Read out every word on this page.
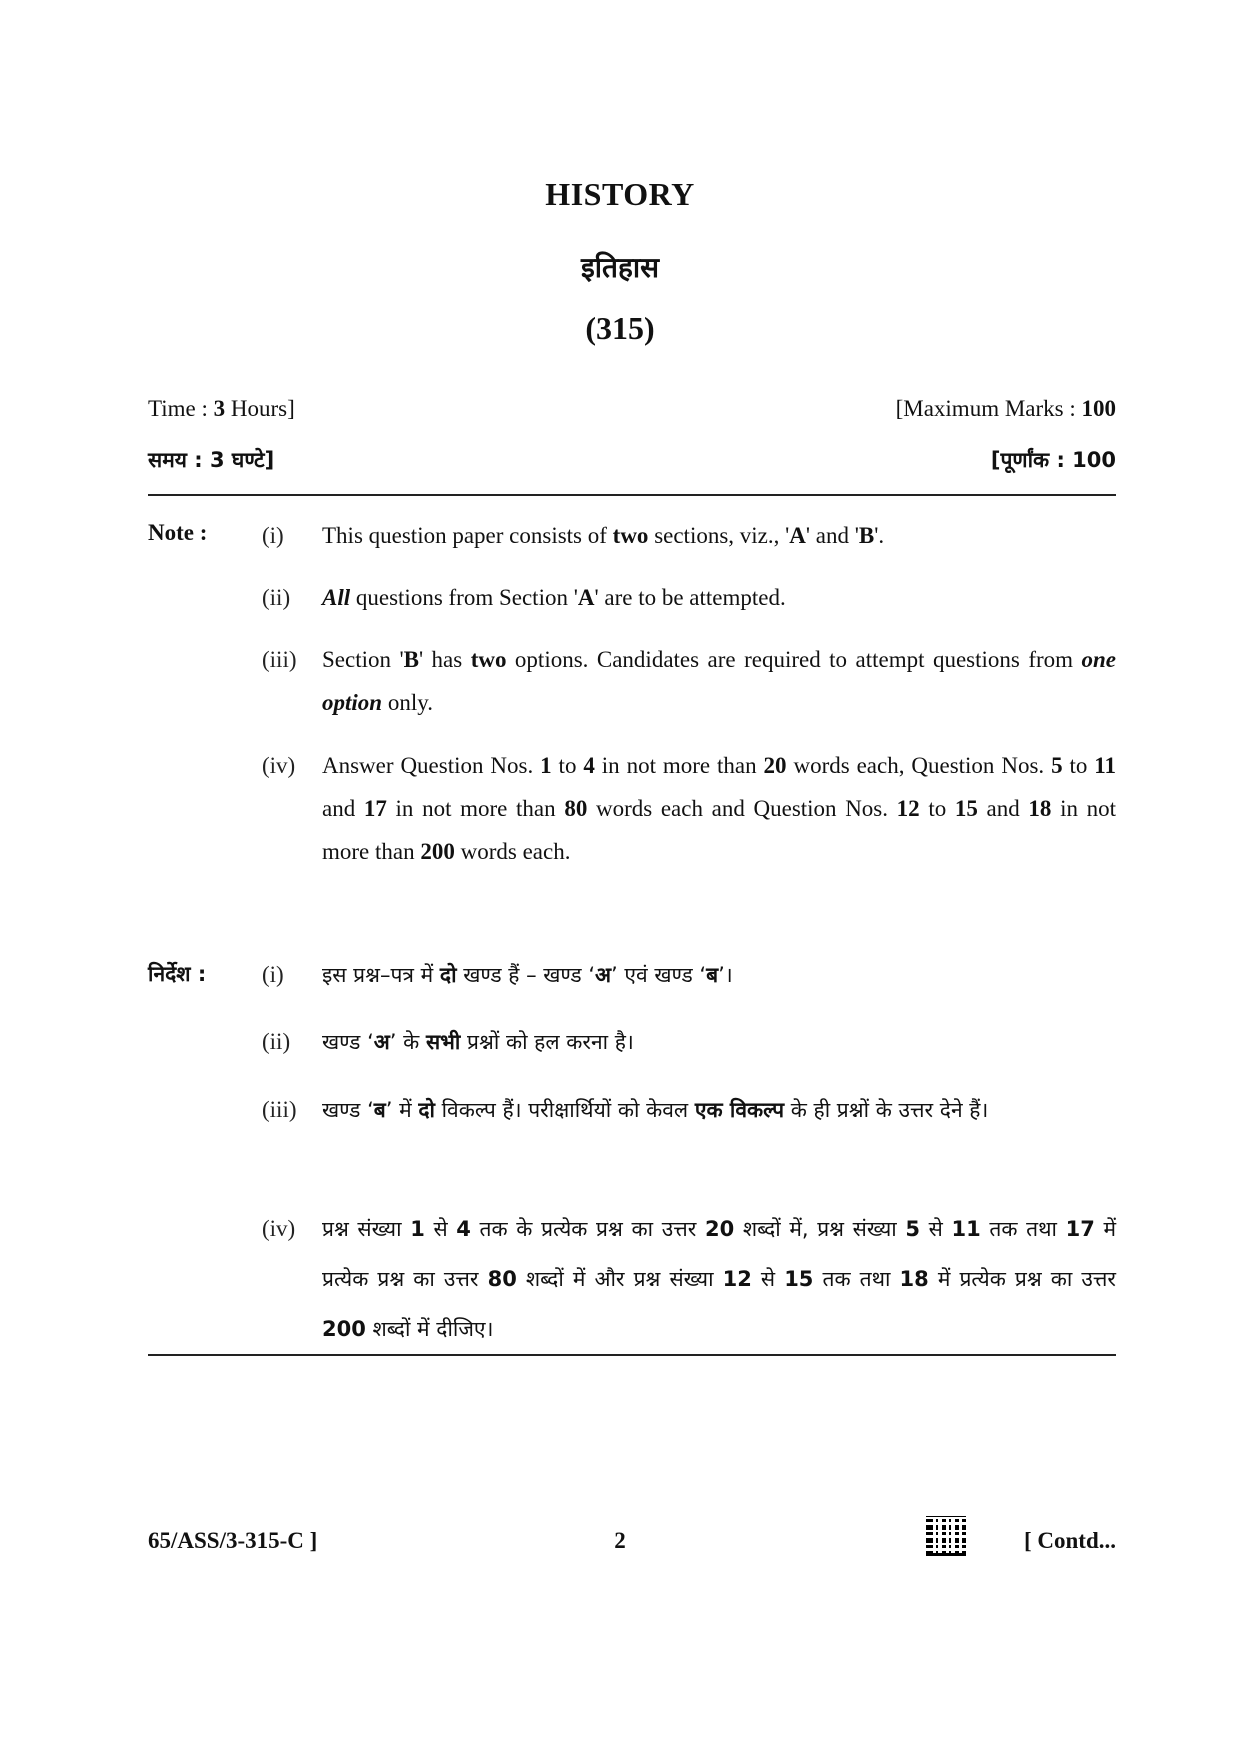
HISTORY
इतिहास
(315)
Time : 3 Hours]	[Maximum Marks : 100
समय : 3 घण्टे]	[पूर्णांक : 100
Note : (i)	This question paper consists of two sections, viz., 'A' and 'B'.
(ii)	All questions from Section 'A' are to be attempted.
(iii)	Section 'B' has two options. Candidates are required to attempt questions from one option only.
(iv)	Answer Question Nos. 1 to 4 in not more than 20 words each, Question Nos. 5 to 11 and 17 in not more than 80 words each and Question Nos. 12 to 15 and 18 in not more than 200 words each.
निर्देश : (i)	इस प्रश्न–पत्र में दो खण्ड हैं – खण्ड ‘अ’ एवं खण्ड ‘ब’।
(ii)	खण्ड ‘अ’ के सभी प्रश्नों को हल करना है।
(iii)	खण्ड ‘ब’ में दो विकल्प हैं। परीक्षार्थियों को केवल एक विकल्प के ही प्रश्नों के उत्तर देने हैं।
(iv)	प्रश्न संख्या 1 से 4 तक के प्रत्येक प्रश्न का उत्तर 20 शब्दों में, प्रश्न संख्या 5 से 11 तक तथा 17 में प्रत्येक प्रश्न का उत्तर 80 शब्दों में और प्रश्न संख्या 12 से 15 तक तथा 18 में प्रत्येक प्रश्न का उत्तर 200 शब्दों में दीजिए।
65/ASS/3-315-C ]	2	[ Contd...
